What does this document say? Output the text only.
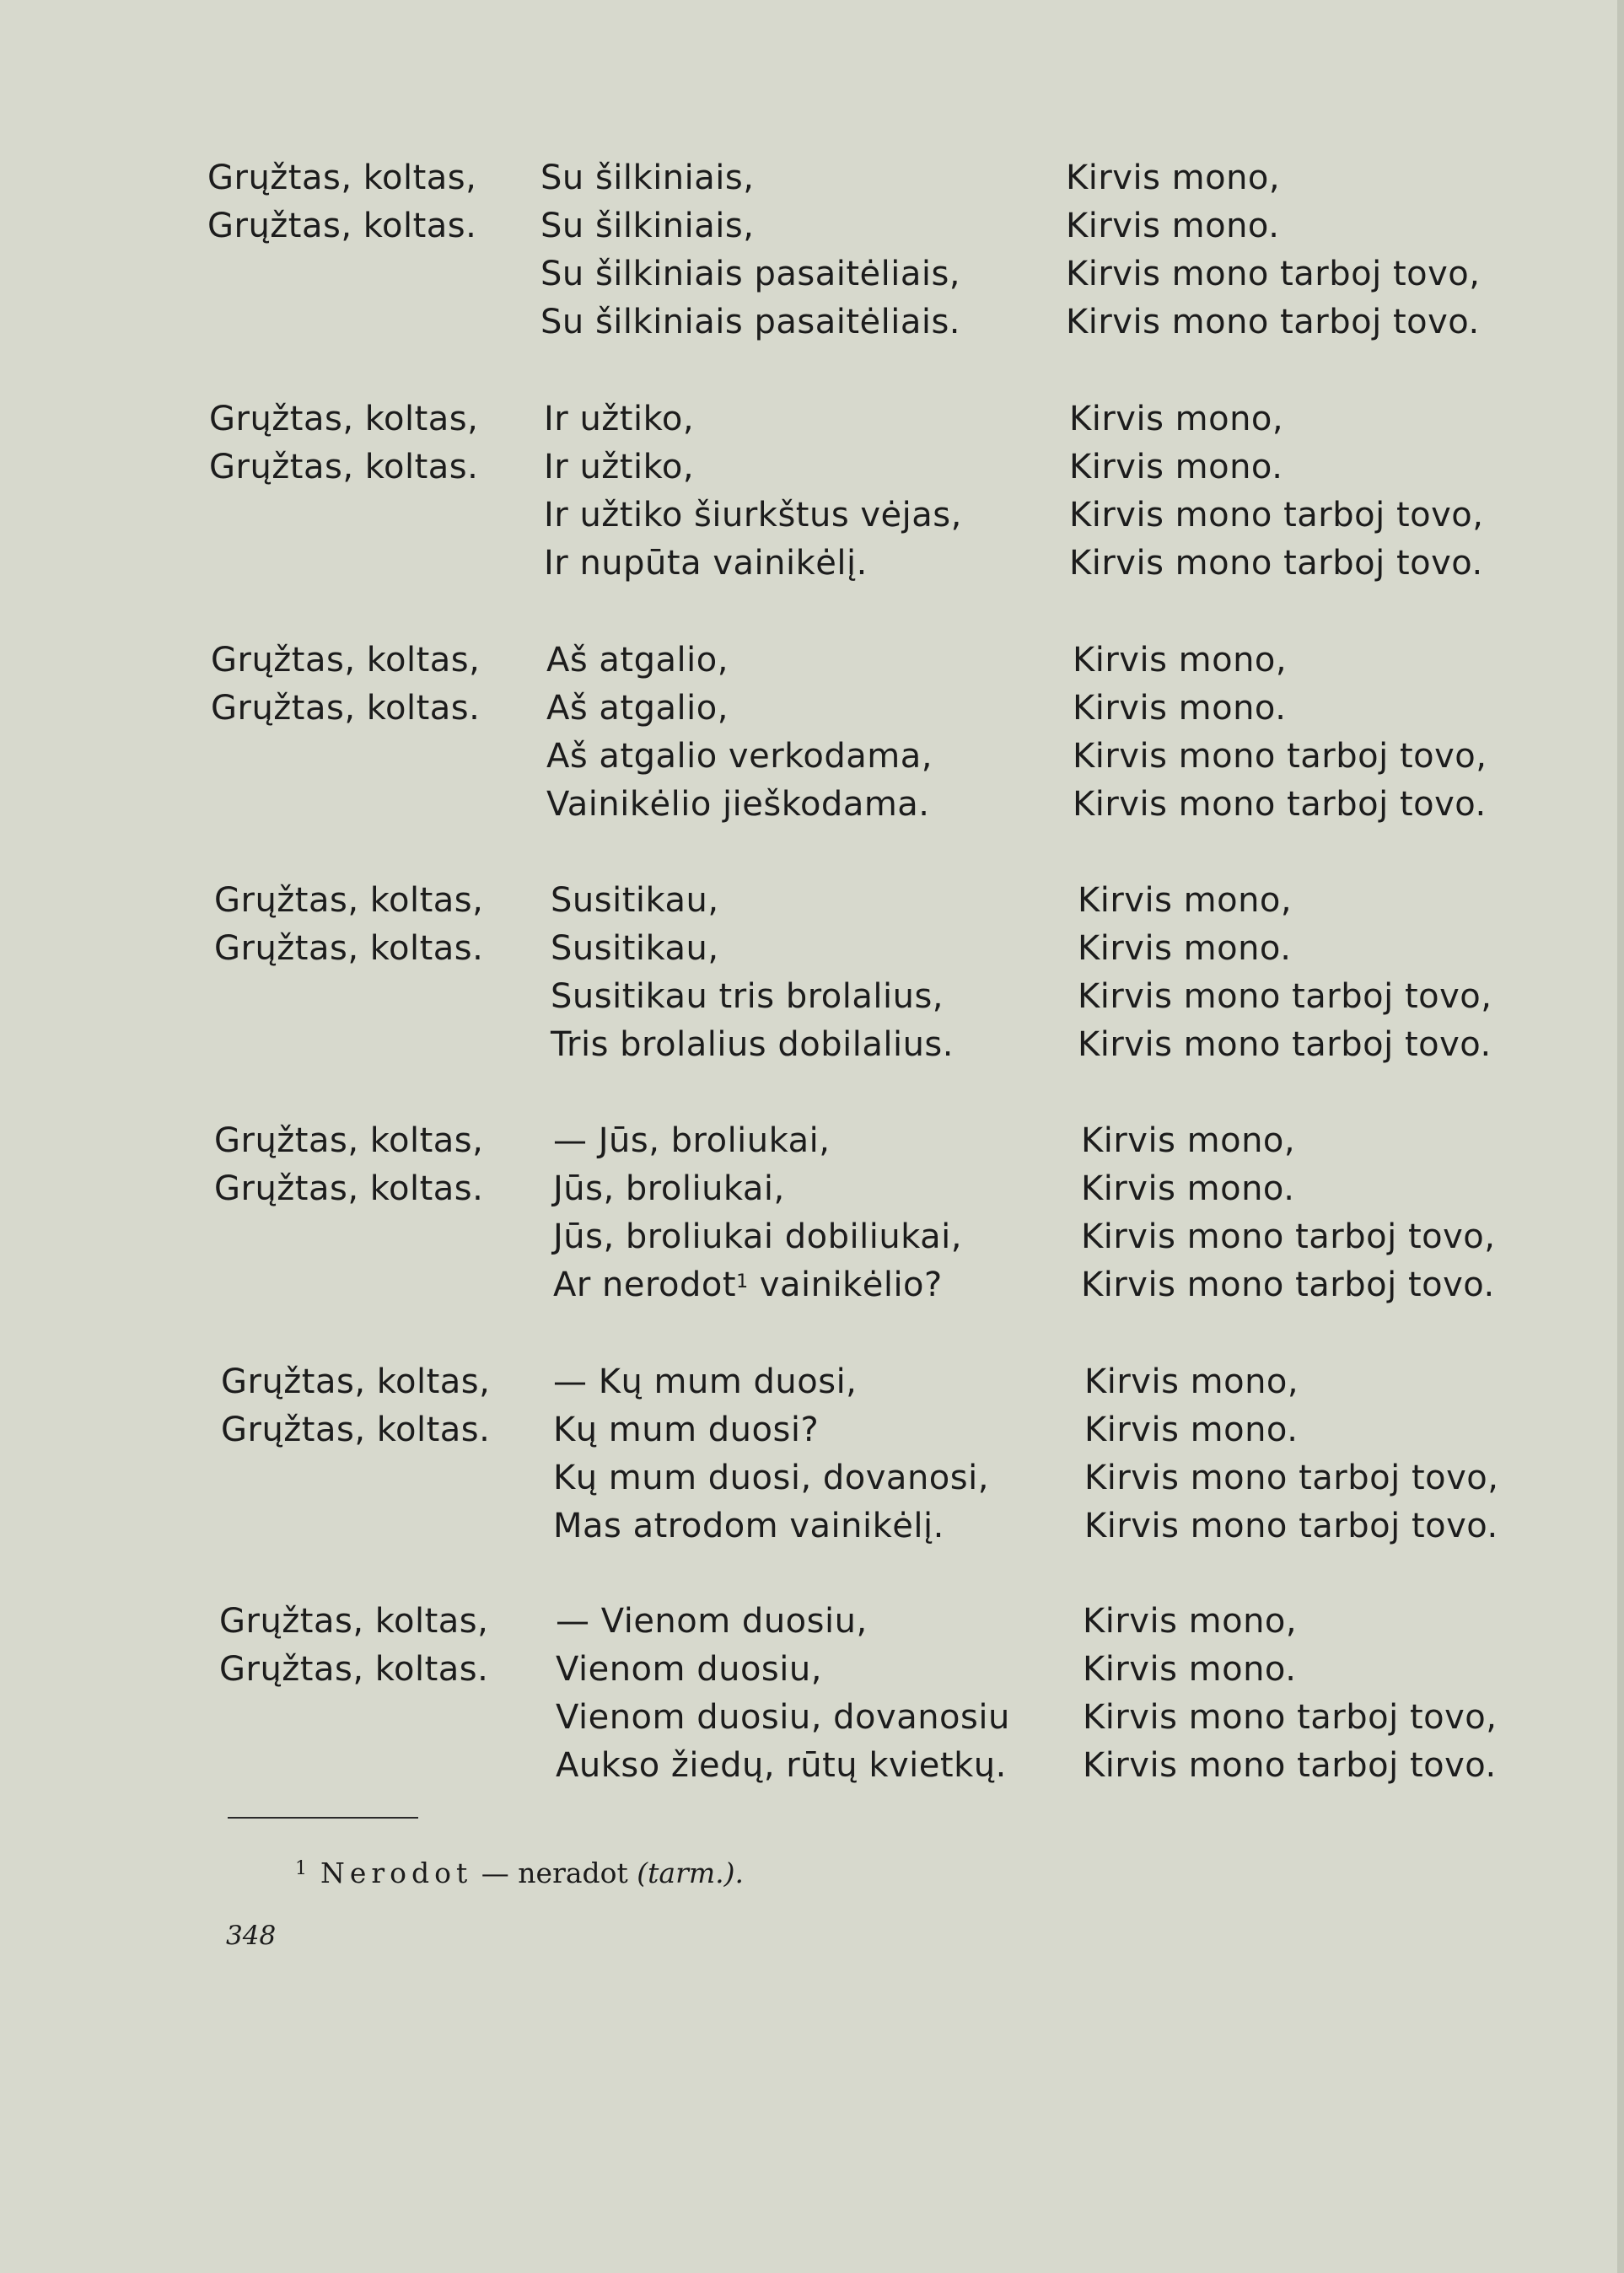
Grųžtas, koltas,
Grųžtas, koltas.
Su šilkiniais,
Su šilkiniais,
Su šilkiniais pasaitėliais,
Su šilkiniais pasaitėliais.
Kirvis mono,
Kirvis mono.
Kirvis mono tarboj tovo,
Kirvis mono tarboj tovo.
Grųžtas, koltas,
Grųžtas, koltas.
Ir užtiko,
Ir užtiko,
Ir užtiko šiurkštus vėjas,
Ir nupūta vainikėlį.
Kirvis mono,
Kirvis mono.
Kirvis mono tarboj tovo,
Kirvis mono tarboj tovo.
Grųžtas, koltas,
Grųžtas, koltas.
Aš atgalio,
Aš atgalio,
Aš atgalio verkodama,
Vainikėlio jieškodama.
Kirvis mono,
Kirvis mono.
Kirvis mono tarboj tovo,
Kirvis mono tarboj tovo.
Grųžtas, koltas,
Grųžtas, koltas.
Susitikau,
Susitikau,
Susitikau tris brolalius,
Tris brolalius dobilalius.
Kirvis mono,
Kirvis mono.
Kirvis mono tarboj tovo,
Kirvis mono tarboj tovo.
Grųžtas, koltas,
Grųžtas, koltas.
— Jūs, broliukai,
Jūs, broliukai,
Jūs, broliukai dobiliukai,
Ar nerodot$^1$ vainikėlio?
Kirvis mono,
Kirvis mono.
Kirvis mono tarboj tovo,
Kirvis mono tarboj tovo.
Grųžtas, koltas,
Grųžtas, koltas.
— Kų mum duosi,
Kų mum duosi?
Kų mum duosi, dovanosi,
Mas atrodom vainikėlį.
Kirvis mono,
Kirvis mono.
Kirvis mono tarboj tovo,
Kirvis mono tarboj tovo.
Grųžtas, koltas,
Grųžtas, koltas.
— Vienom duosiu,
Vienom duosiu,
Vienom duosiu, dovanosiu
Aukso žiedų, rūtų kvietkų.
Kirvis mono,
Kirvis mono.
Kirvis mono tarboj tovo,
Kirvis mono tarboj tovo.
$^1$ Nerodot — neradot (tarm.).
348
